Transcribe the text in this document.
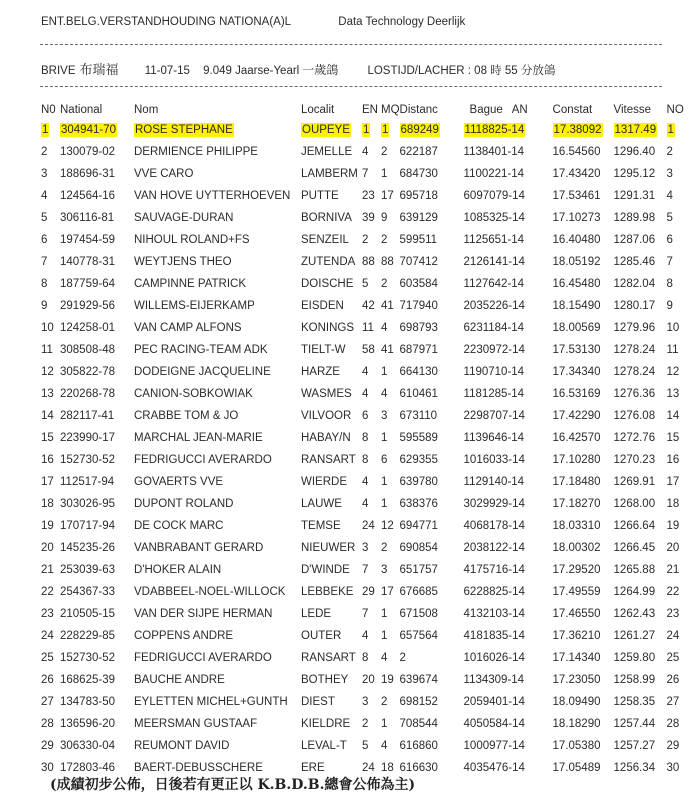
ENT.BELG.VERSTANDHOUDING NATIONA(A)L	Data Technology Deerlijk
BRIVE 布瑞福 11-07-15 9.049 Jaarse-Yearl 一歲鴿	LOSTIJD/LACHER : 08 時 55 分放鴿
N0	National	Nom	Localit	EN	MQ	Distanc	Bague   AN	Constat	Vitesse	NO
1	304941-70	ROSE STEPHANE	OUPEYE	1	1	689249	1118825-14	17.38092	1317.49	1
2	130079-02	DERMIENCE PHILIPPE	JEMELLE	4	2	622187	1138401-14	16.54560	1296.40	2
3	188696-31	VVE CARO	LAMBERM	7	1	684730	1100221-14	17.43420	1295.12	3
4	124564-16	VAN HOVE UYTTERHOEVEN	PUTTE	23	17	695718	6097079-14	17.53461	1291.31	4
5	306116-81	SAUVAGE-DURAN	BORNIVA	39	9	639129	1085325-14	17.10273	1289.98	5
6	197454-59	NIHOUL ROLAND+FS	SENZEIL	2	2	599511	1125651-14	16.40480	1287.06	6
7	140778-31	WEYTJENS THEO	ZUTENDA	88	88	707412	2126141-14	18.05192	1285.46	7
8	187759-64	CAMPINNE PATRICK	DOISCHE	5	2	603584	1127642-14	16.45480	1282.04	8
9	291929-56	WILLEMS-EIJERKAMP	EISDEN	42	41	717940	2035226-14	18.15490	1280.17	9
10	124258-01	VAN CAMP ALFONS	KONINGS	11	4	698793	6231184-14	18.00569	1279.96	10
11	308508-48	PEC RACING-TEAM ADK	TIELT-W	58	41	687971	2230972-14	17.53130	1278.24	11
12	305822-78	DODEIGNE JACQUELINE	HARZE	4	1	664130	1190710-14	17.34340	1278.24	12
13	220268-78	CANION-SOBKOWIAK	WASMES	4	4	610461	1181285-14	16.53169	1276.36	13
14	282117-41	CRABBE TOM & JO	VILVOOR	6	3	673110	2298707-14	17.42290	1276.08	14
15	223990-17	MARCHAL JEAN-MARIE	HABAY/N	8	1	595589	1139646-14	16.42570	1272.76	15
16	152730-52	FEDRIGUCCI AVERARDO	RANSART	8	6	629355	1016033-14	17.10280	1270.23	16
17	112517-94	GOVAERTS VVE	WIERDE	4	1	639780	1129140-14	17.18480	1269.91	17
18	303026-95	DUPONT ROLAND	LAUWE	4	1	638376	3029929-14	17.18270	1268.00	18
19	170717-94	DE COCK MARC	TEMSE	24	12	694771	4068178-14	18.03310	1266.64	19
20	145235-26	VANBRABANT GERARD	NIEUWER	3	2	690854	2038122-14	18.00302	1266.45	20
21	253039-63	D'HOKER ALAIN	D'WINDE	7	3	651757	4175716-14	17.29520	1265.88	21
22	254367-33	VDABBEEL-NOEL-WILLOCK	LEBBEKE	29	17	676685	6228825-14	17.49559	1264.99	22
23	210505-15	VAN DER SIJPE HERMAN	LEDE	7	1	671508	4132103-14	17.46550	1262.43	23
24	228229-85	COPPENS ANDRE	OUTER	4	1	657564	4181835-14	17.36210	1261.27	24
25	152730-52	FEDRIGUCCI AVERARDO	RANSART	8	4	2	1016026-14	17.14340	1259.80	25
26	168625-39	BAUCHE ANDRE	BOTHEY	20	19	639674	1134309-14	17.23050	1258.99	26
27	134783-50	EYLETTEN MICHEL+GUNTH	DIEST	3	2	698152	2059401-14	18.09490	1258.35	27
28	136596-20	MEERSMAN GUSTAAF	KIELDRE	2	1	708544	4050584-14	18.18290	1257.44	28
29	306330-04	REUMONT DAVID	LEVAL-T	5	4	616860	1000977-14	17.05380	1257.27	29
30	172803-46	BAERT-DEBUSSCHERE	ERE	24	18	616630	4035476-14	17.05489	1256.34	30
(成績初步公佈，日後若有更正以 K.B.D.B.總會公佈為主)
